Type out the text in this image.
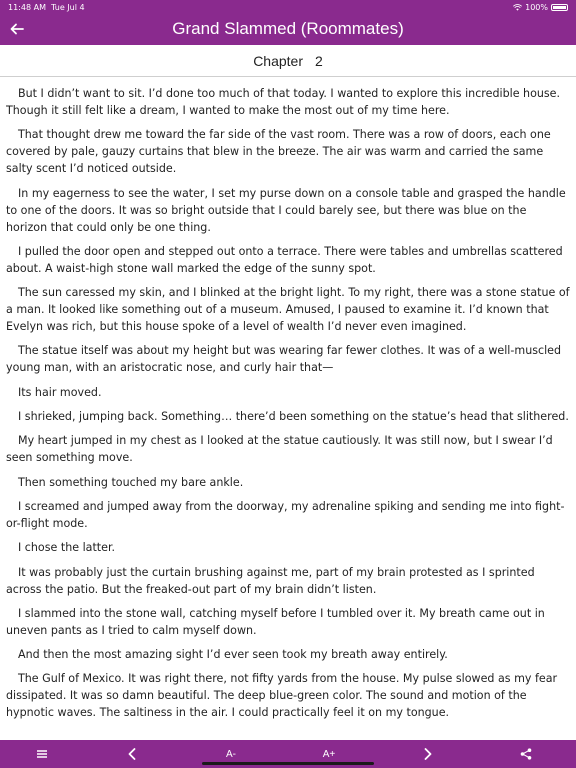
11:48 AM Tue Jul 4	100%
Grand Slammed (Roommates)
Chapter 2

But I didn’t want to sit. I’d done too much of that today. I wanted to explore this incredible house. Though it still felt like a dream, I wanted to make the most out of my time here.

That thought drew me toward the far side of the vast room. There was a row of doors, each one covered by pale, gauzy curtains that blew in the breeze. The air was warm and carried the same salty scent I’d noticed outside.

In my eagerness to see the water, I set my purse down on a console table and grasped the handle to one of the doors. It was so bright outside that I could barely see, but there was blue on the horizon that could only be one thing.

I pulled the door open and stepped out onto a terrace. There were tables and umbrellas scattered about. A waist-high stone wall marked the edge of the sunny spot.

The sun caressed my skin, and I blinked at the bright light. To my right, there was a stone statue of a man. It looked like something out of a museum. Amused, I paused to examine it. I’d known that Evelyn was rich, but this house spoke of a level of wealth I’d never even imagined.

The statue itself was about my height but was wearing far fewer clothes. It was of a well-muscled young man, with an aristocratic nose, and curly hair that—

Its hair moved.

I shrieked, jumping back. Something… there’d been something on the statue’s head that slithered.

My heart jumped in my chest as I looked at the statue cautiously. It was still now, but I swear I’d seen something move.

Then something touched my bare ankle.

I screamed and jumped away from the doorway, my adrenaline spiking and sending me into fight-or-flight mode.

I chose the latter.

It was probably just the curtain brushing against me, part of my brain protested as I sprinted across the patio. But the freaked-out part of my brain didn’t listen.

I slammed into the stone wall, catching myself before I tumbled over it. My breath came out in uneven pants as I tried to calm myself down.

And then the most amazing sight I’d ever seen took my breath away entirely.

The Gulf of Mexico. It was right there, not fifty yards from the house. My pulse slowed as my fear dissipated. It was so damn beautiful. The deep blue-green color. The sound and motion of the hypnotic waves. The saltiness in the air. I could practically feel it on my tongue.

A-	A+
